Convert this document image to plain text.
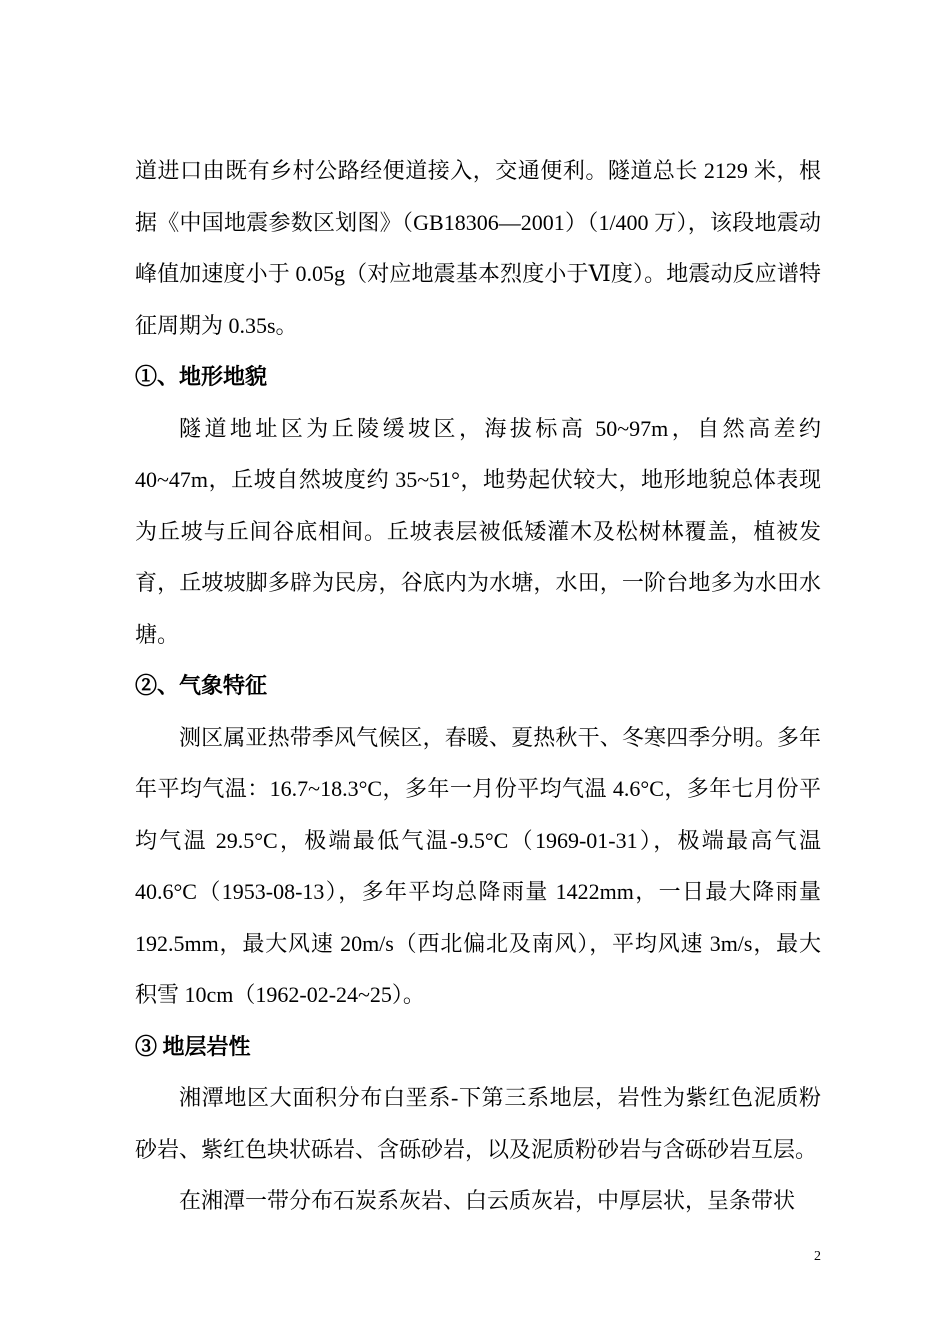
道进口由既有乡村公路经便道接入，交通便利。隧道总长 2129 米，根据《中国地震参数区划图》（GB18306—2001）（1/400 万），该段地震动峰值加速度小于 0.05g（对应地震基本烈度小于Ⅵ度）。地震动反应谱特征周期为 0.35s。

①、地形地貌

隧道地址区为丘陵缓坡区，海拔标高 50~97m，自然高差约 40~47m，丘坡自然坡度约 35~51°，地势起伏较大，地形地貌总体表现为丘坡与丘间谷底相间。丘坡表层被低矮灌木及松树林覆盖，植被发育，丘坡坡脚多辟为民房，谷底内为水塘，水田，一阶台地多为水田水塘。

②、气象特征

测区属亚热带季风气候区，春暖、夏热秋干、冬寒四季分明。多年年平均气温：16.7~18.3°C，多年一月份平均气温 4.6°C，多年七月份平均气温 29.5°C，极端最低气温-9.5°C（1969-01-31），极端最高气温 40.6°C（1953-08-13），多年平均总降雨量 1422mm，一日最大降雨量 192.5mm，最大风速 20m/s（西北偏北及南风），平均风速 3m/s，最大积雪 10cm（1962-02-24~25）。

③ 地层岩性

湘潭地区大面积分布白垩系-下第三系地层，岩性为紫红色泥质粉砂岩、紫红色块状砾岩、含砾砂岩，以及泥质粉砂岩与含砾砂岩互层。

在湘潭一带分布石炭系灰岩、白云质灰岩，中厚层状，呈条带状

2
